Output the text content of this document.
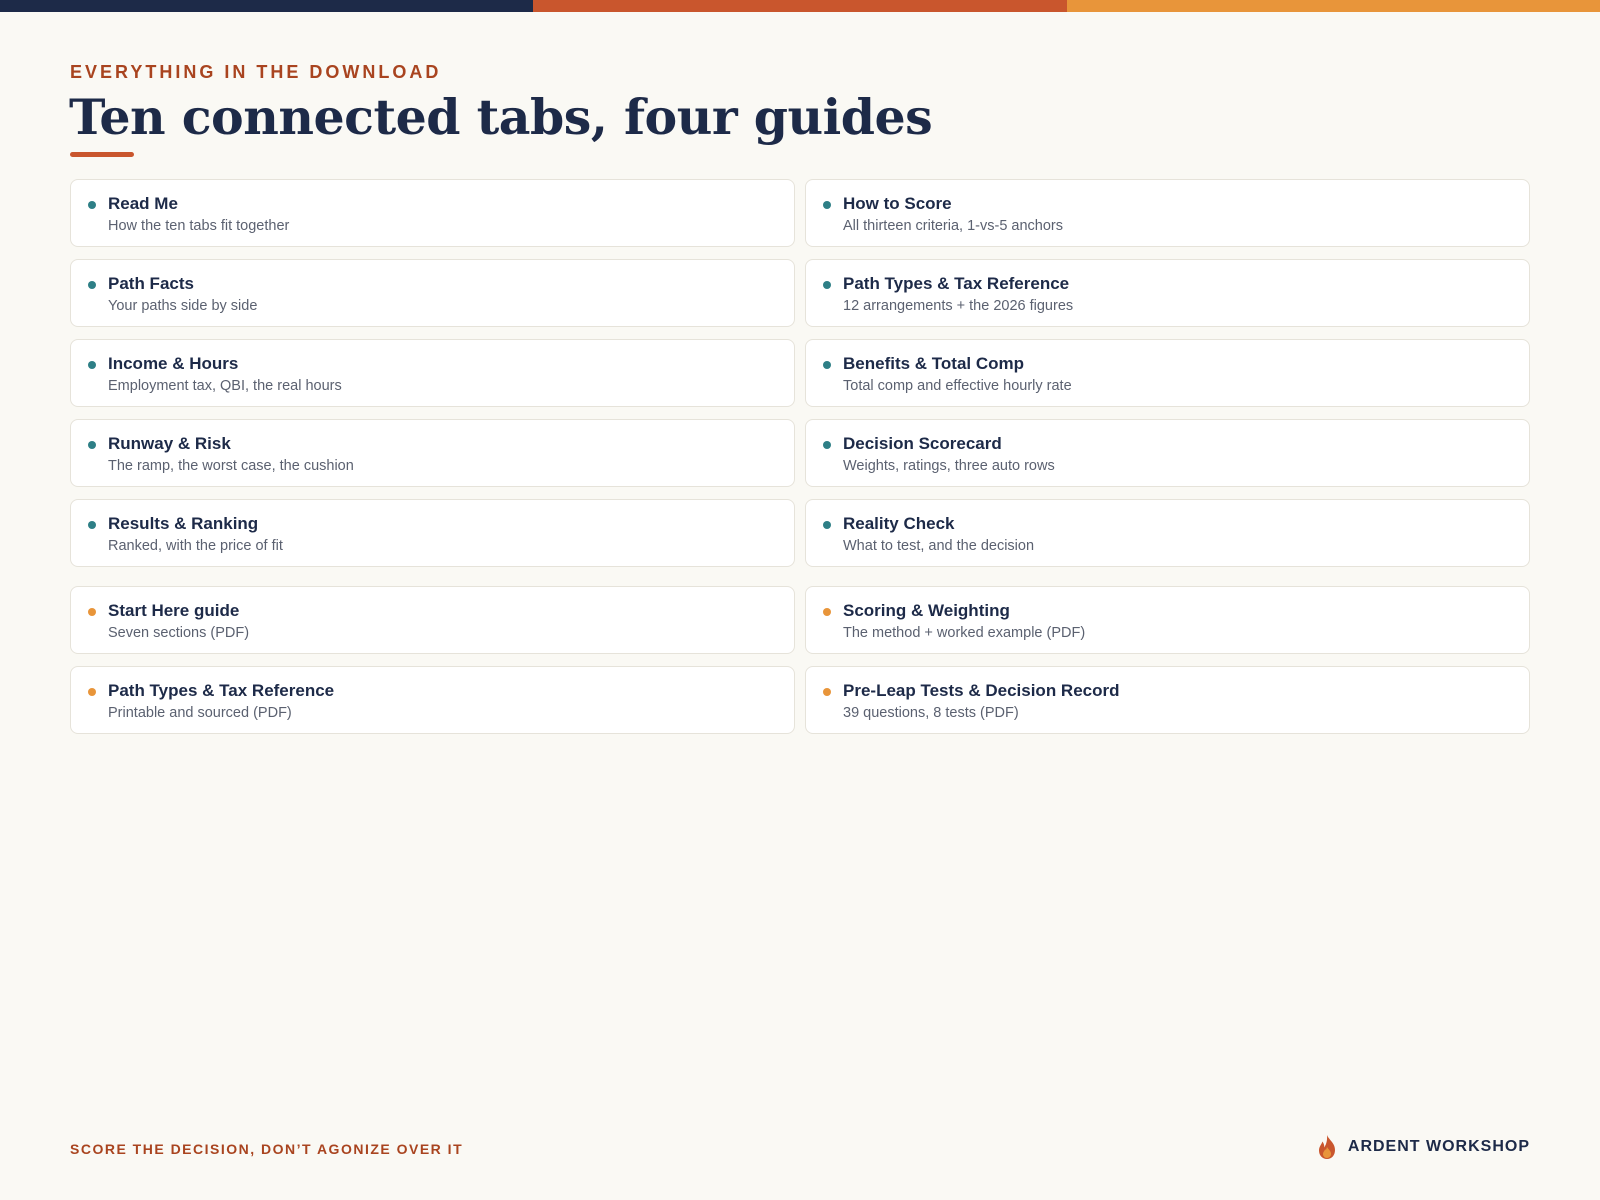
EVERYTHING IN THE DOWNLOAD
Ten connected tabs, four guides
Read Me
How the ten tabs fit together
How to Score
All thirteen criteria, 1-vs-5 anchors
Path Facts
Your paths side by side
Path Types & Tax Reference
12 arrangements + the 2026 figures
Income & Hours
Employment tax, QBI, the real hours
Benefits & Total Comp
Total comp and effective hourly rate
Runway & Risk
The ramp, the worst case, the cushion
Decision Scorecard
Weights, ratings, three auto rows
Results & Ranking
Ranked, with the price of fit
Reality Check
What to test, and the decision
Start Here guide
Seven sections (PDF)
Scoring & Weighting
The method + worked example (PDF)
Path Types & Tax Reference
Printable and sourced (PDF)
Pre-Leap Tests & Decision Record
39 questions, 8 tests (PDF)
SCORE THE DECISION, DON’T AGONIZE OVER IT	ARDENT WORKSHOP
